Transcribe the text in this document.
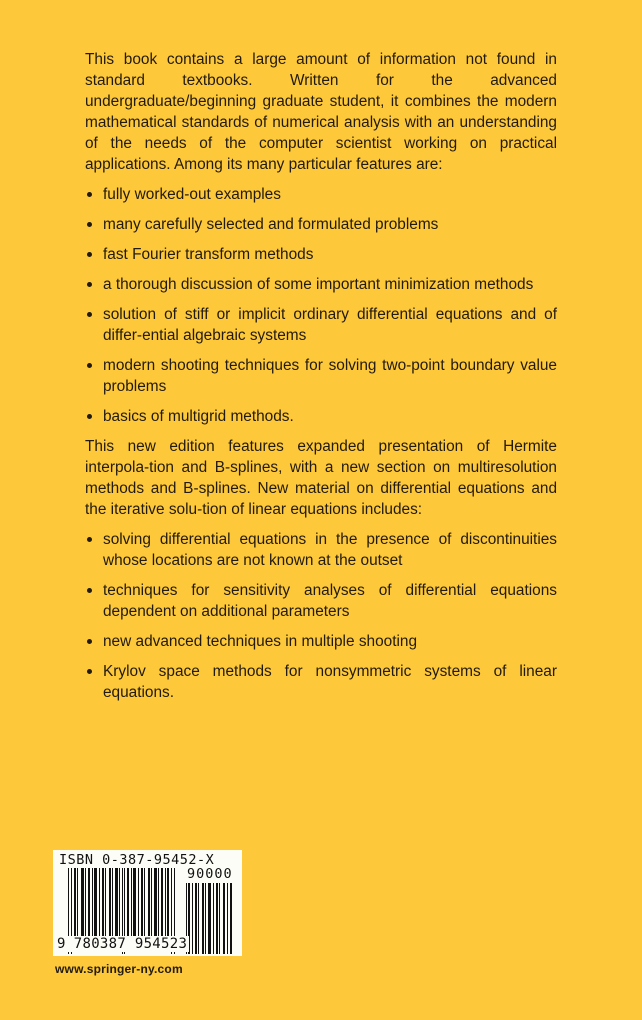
This book contains a large amount of information not found in standard textbooks. Written for the advanced undergraduate/beginning graduate student, it combines the modern mathematical standards of numerical analysis with an understanding of the needs of the computer scientist working on practical applications. Among its many particular features are:

fully worked-out examples
many carefully selected and formulated problems
fast Fourier transform methods
a thorough discussion of some important minimization methods
solution of stiff or implicit ordinary differential equations and of differ-ential algebraic systems
modern shooting techniques for solving two-point boundary value problems
basics of multigrid methods.

This new edition features expanded presentation of Hermite interpola-tion and B-splines, with a new section on multiresolution methods and B-splines. New material on differential equations and the iterative solu-tion of linear equations includes:

solving differential equations in the presence of discontinuities whose locations are not known at the outset
techniques for sensitivity analyses of differential equations dependent on additional parameters
new advanced techniques in multiple shooting
Krylov space methods for nonsymmetric systems of linear equations.
ISBN 0-387-95452-X
90000
9 780387 954523
www.springer-ny.com
